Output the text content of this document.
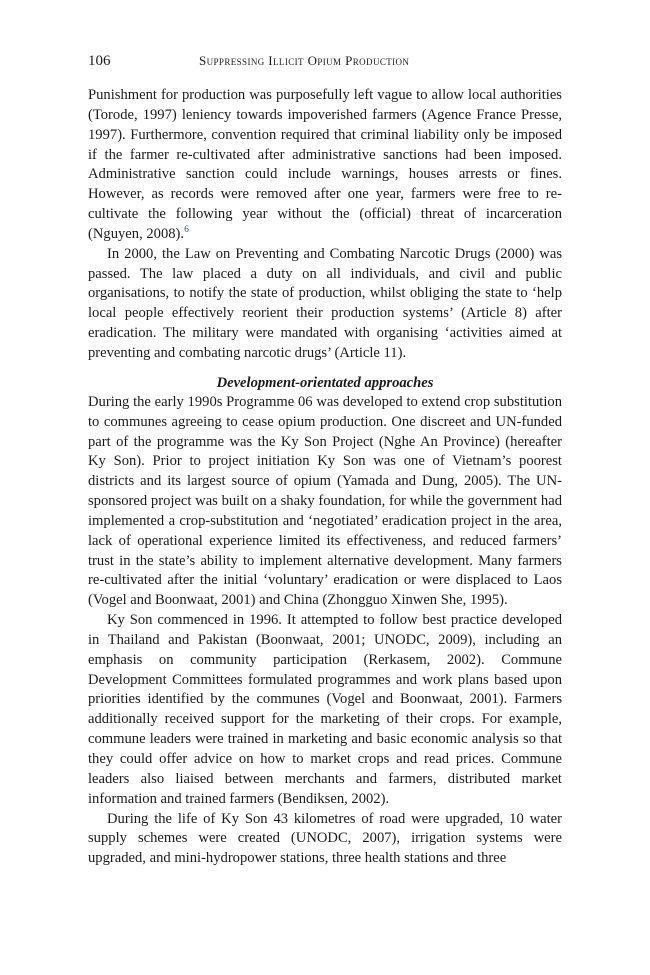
106	Suppressing Illicit Opium Production

Punishment for production was purposefully left vague to allow local authorities (Torode, 1997) leniency towards impoverished farmers (Agence France Presse, 1997). Furthermore, convention required that criminal liability only be imposed if the farmer re-cultivated after administrative sanctions had been imposed. Administrative sanction could include warnings, houses arrests or fines. However, as records were removed after one year, farmers were free to re-cultivate the following year without the (official) threat of incarceration (Nguyen, 2008).$^6$

In 2000, the Law on Preventing and Combating Narcotic Drugs (2000) was passed. The law placed a duty on all individuals, and civil and public organisations, to notify the state of production, whilst obliging the state to ‘help local people effectively reorient their production systems’ (Article 8) after eradication. The military were mandated with organising ‘activities aimed at preventing and combating narcotic drugs’ (Article 11).

Development-orientated approaches

During the early 1990s Programme 06 was developed to extend crop substitution to communes agreeing to cease opium production. One discreet and UN-funded part of the programme was the Ky Son Project (Nghe An Province) (hereafter Ky Son). Prior to project initiation Ky Son was one of Vietnam’s poorest districts and its largest source of opium (Yamada and Dung, 2005). The UN-sponsored project was built on a shaky foundation, for while the government had implemented a crop-substitution and ‘negotiated’ eradication project in the area, lack of operational experience limited its effectiveness, and reduced farmers’ trust in the state’s ability to implement alternative development. Many farmers re-cultivated after the initial ‘voluntary’ eradication or were displaced to Laos (Vogel and Boonwaat, 2001) and China (Zhongguo Xinwen She, 1995).

Ky Son commenced in 1996. It attempted to follow best practice developed in Thailand and Pakistan (Boonwaat, 2001; UNODC, 2009), including an emphasis on community participation (Rerkasem, 2002). Commune Development Committees formulated programmes and work plans based upon priorities identified by the communes (Vogel and Boonwaat, 2001). Farmers additionally received support for the marketing of their crops. For example, commune leaders were trained in marketing and basic economic analysis so that they could offer advice on how to market crops and read prices. Commune leaders also liaised between merchants and farmers, distributed market information and trained farmers (Bendiksen, 2002).

During the life of Ky Son 43 kilometres of road were upgraded, 10 water supply schemes were created (UNODC, 2007), irrigation systems were upgraded, and mini-hydropower stations, three health stations and three
